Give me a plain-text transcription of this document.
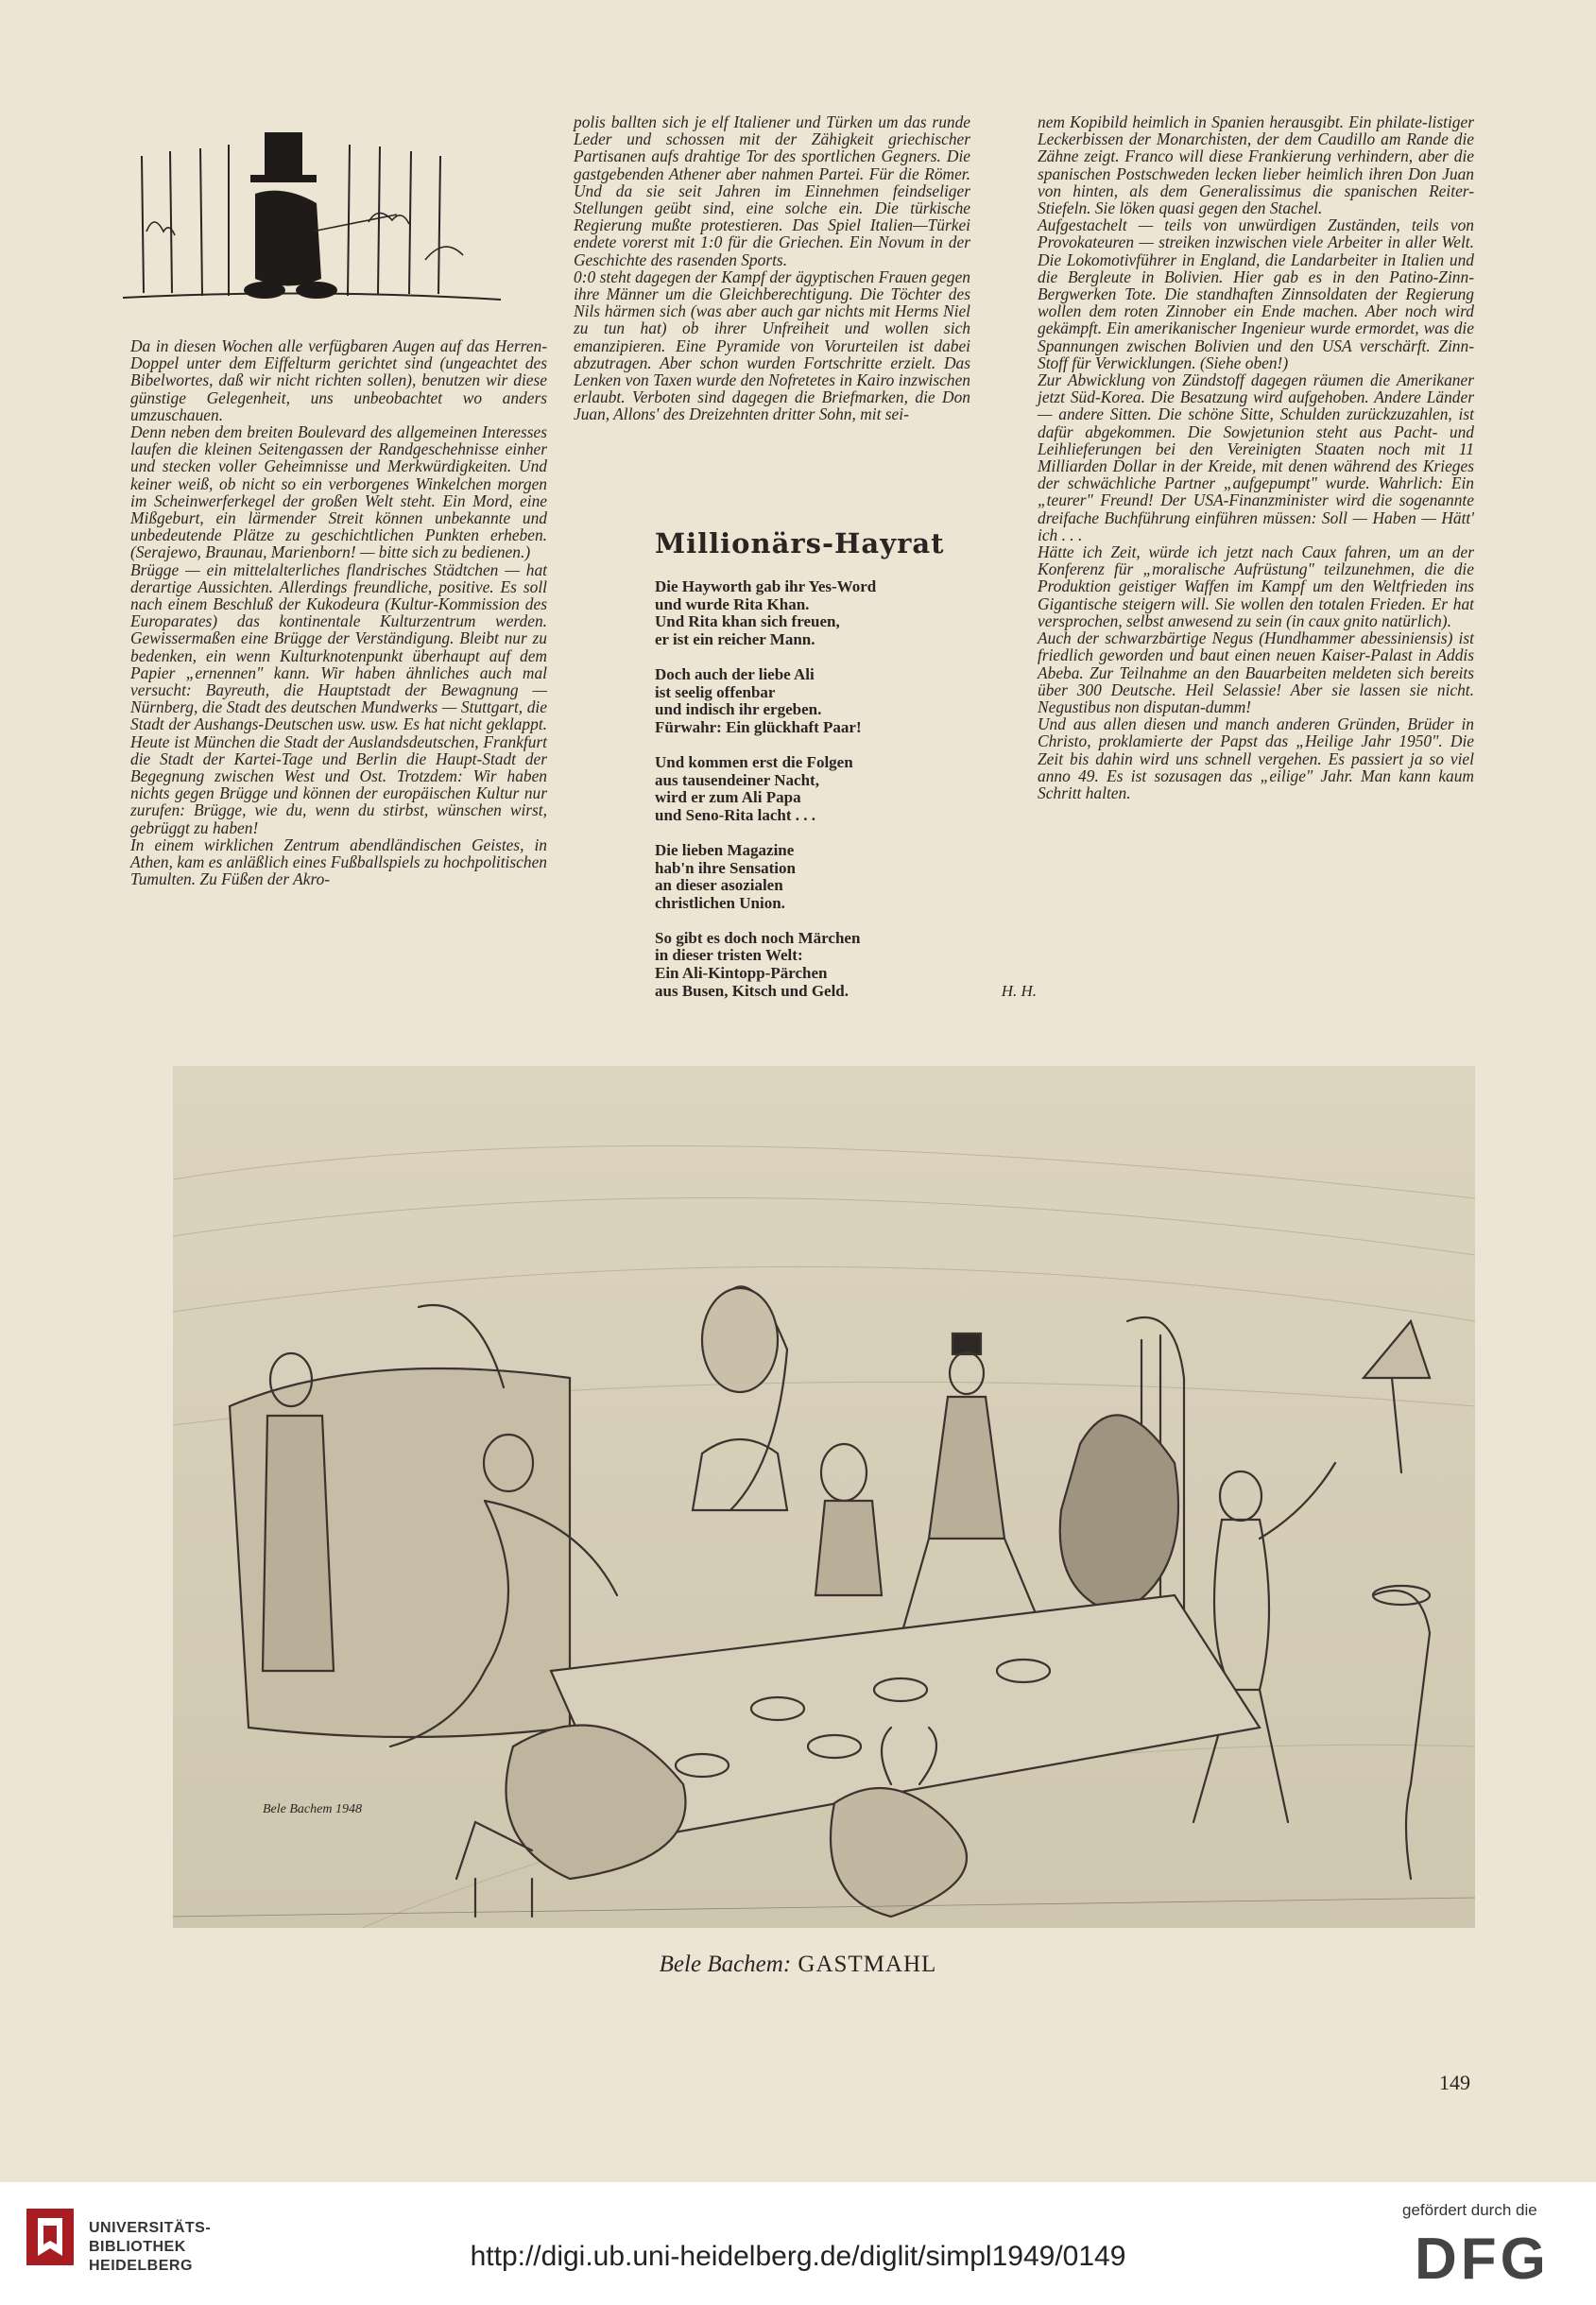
Da in diesen Wochen alle verfügbaren Augen auf das Herren-Doppel unter dem Eiffelturm gerichtet sind (ungeachtet des Bibelwortes, daß wir nicht richten sollen), benutzen wir diese günstige Gelegenheit, uns unbeobachtet wo anders umzuschauen.

Denn neben dem breiten Boulevard des allgemeinen Interesses laufen die kleinen Seitengassen der Randgeschehnisse einher und stecken voller Geheimnisse und Merkwürdigkeiten. Und keiner weiß, ob nicht so ein verborgenes Winkelchen morgen im Scheinwerferkegel der großen Welt steht. Ein Mord, eine Mißgeburt, ein lärmender Streit können unbekannte und unbedeutende Plätze zu geschichtlichen Punkten erheben. (Serajewo, Braunau, Marienborn! — bitte sich zu bedienen.)

Brügge — ein mittelalterliches flandrisches Städtchen — hat derartige Aussichten. Allerdings freundliche, positive. Es soll nach einem Beschluß der Kukodeura (Kultur-Kommission des Europarates) das kontinentale Kulturzentrum werden. Gewissermaßen eine Brügge der Verständigung. Bleibt nur zu bedenken, ein wenn Kulturknotenpunkt überhaupt auf dem Papier „ernennen" kann. Wir haben ähnliches auch mal versucht: Bayreuth, die Hauptstadt der Bewagnung — Nürnberg, die Stadt des deutschen Mundwerks — Stuttgart, die Stadt der Aushangs-Deutschen usw. usw. Es hat nicht geklappt. Heute ist München die Stadt der Auslandsdeutschen, Frankfurt die Stadt der Kartei-Tage und Berlin die Haupt-Stadt der Begegnung zwischen West und Ost. Trotzdem: Wir haben nichts gegen Brügge und können der europäischen Kultur nur zurufen: Brügge, wie du, wenn du stirbst, wünschen wirst, gebrüggt zu haben!

In einem wirklichen Zentrum abendländischen Geistes, in Athen, kam es anläßlich eines Fußballspiels zu hochpolitischen Tumulten. Zu Füßen der Akro-

polis ballten sich je elf Italiener und Türken um das runde Leder und schossen mit der Zähigkeit griechischer Partisanen aufs drahtige Tor des sportlichen Gegners. Die gastgebenden Athener aber nahmen Partei. Für die Römer. Und da sie seit Jahren im Einnehmen feindseliger Stellungen geübt sind, eine solche ein. Die türkische Regierung mußte protestieren. Das Spiel Italien—Türkei endete vorerst mit 1:0 für die Griechen. Ein Novum in der Geschichte des rasenden Sports.

0:0 steht dagegen der Kampf der ägyptischen Frauen gegen ihre Männer um die Gleichberechtigung. Die Töchter des Nils härmen sich (was aber auch gar nichts mit Herms Niel zu tun hat) ob ihrer Unfreiheit und wollen sich emanzipieren. Eine Pyramide von Vorurteilen ist dabei abzutragen. Aber schon wurden Fortschritte erzielt. Das Lenken von Taxen wurde den Nofretetes in Kairo inzwischen erlaubt. Verboten sind dagegen die Briefmarken, die Don Juan, Allons' des Dreizehnten dritter Sohn, mit sei-

Millionärs-Hayrat
Die Hayworth gab ihr Yes-Word
und wurde Rita Khan.
Und Rita khan sich freuen,
er ist ein reicher Mann.
Doch auch der liebe Ali
ist seelig offenbar
und indisch ihr ergeben.
Fürwahr: Ein glückhaft Paar!
Und kommen erst die Folgen
aus tausendeiner Nacht,
wird er zum Ali Papa
und Seno-Rita lacht . . .
Die lieben Magazine
hab'n ihre Sensation
an dieser asozialen
christlichen Union.
So gibt es doch noch Märchen
in dieser tristen Welt:
Ein Ali-Kintopp-Pärchen
aus Busen, Kitsch und Geld.	H. H.

nem Kopibild heimlich in Spanien herausgibt. Ein philate-listiger Leckerbissen der Monarchisten, der dem Caudillo am Rande die Zähne zeigt. Franco will diese Frankierung verhindern, aber die spanischen Postschweden lecken lieber heimlich ihren Don Juan von hinten, als dem Generalissimus die spanischen Reiter-Stiefeln. Sie löken quasi gegen den Stachel.

Aufgestachelt — teils von unwürdigen Zuständen, teils von Provokateuren — streiken inzwischen viele Arbeiter in aller Welt. Die Lokomotivführer in England, die Landarbeiter in Italien und die Bergleute in Bolivien. Hier gab es in den Patino-Zinn-Bergwerken Tote. Die standhaften Zinnsoldaten der Regierung wollen dem roten Zinnober ein Ende machen. Aber noch wird gekämpft. Ein amerikanischer Ingenieur wurde ermordet, was die Spannungen zwischen Bolivien und den USA verschärft. Zinn-Stoff für Verwicklungen. (Siehe oben!)

Zur Abwicklung von Zündstoff dagegen räumen die Amerikaner jetzt Süd-Korea. Die Besatzung wird aufgehoben. Andere Länder — andere Sitten. Die schöne Sitte, Schulden zurückzuzahlen, ist dafür abgekommen. Die Sowjetunion steht aus Pacht- und Leihlieferungen bei den Vereinigten Staaten noch mit 11 Milliarden Dollar in der Kreide, mit denen während des Krieges der schwächliche Partner „aufgepumpt" wurde. Wahrlich: Ein „teurer" Freund! Der USA-Finanzminister wird die sogenannte dreifache Buchführung einführen müssen: Soll — Haben — Hätt' ich . . .

Hätte ich Zeit, würde ich jetzt nach Caux fahren, um an der Konferenz für „moralische Aufrüstung" teilzunehmen, die die Produktion geistiger Waffen im Kampf um den Weltfrieden ins Gigantische steigern will. Sie wollen den totalen Frieden. Er hat versprochen, selbst anwesend zu sein (in caux gnito natürlich).

Auch der schwarzbärtige Negus (Hundhammer abessiniensis) ist friedlich geworden und baut einen neuen Kaiser-Palast in Addis Abeba. Zur Teilnahme an den Bauarbeiten meldeten sich bereits über 300 Deutsche. Heil Selassie! Aber sie lassen sie nicht. Negustibus non disputan-dumm!

Und aus allen diesen und manch anderen Gründen, Brüder in Christo, proklamierte der Papst das „Heilige Jahr 1950". Die Zeit bis dahin wird uns schnell vergehen. Es passiert ja so viel anno 49. Es ist sozusagen das „eilige" Jahr. Man kann kaum Schritt halten.

Bele Bachem 1948
Bele Bachem: GASTMAHL
149
UNIVERSITÄTS-
BIBLIOTHEK
HEIDELBERG	http://digi.ub.uni-heidelberg.de/diglit/simpl1949/0149
gefördert durch die
DFG
